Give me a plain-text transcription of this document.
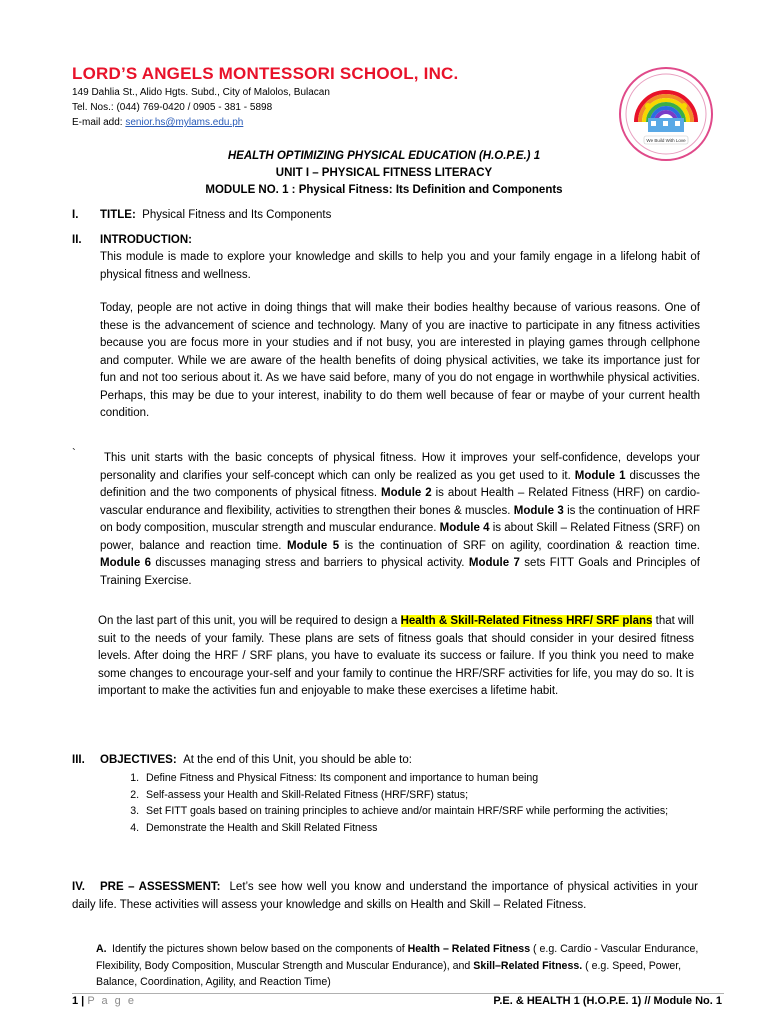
LORD’S ANGELS MONTESSORI SCHOOL, INC.

149 Dahlia St., Alido Hgts. Subd., City of Malolos, Bulacan

Tel. Nos.: (044) 769-0420 / 0905 - 381 - 5898

E-mail add: senior.hs@mylams.edu.ph

We Build With Love

HEALTH OPTIMIZING PHYSICAL EDUCATION (H.O.P.E.) 1

UNIT I – PHYSICAL FITNESS LITERACY

MODULE NO. 1 : Physical Fitness: Its Definition and Components

I. TITLE: Physical Fitness and Its Components

II. INTRODUCTION:

This module is made to explore your knowledge and skills to help you and your family engage in a lifelong habit of physical fitness and wellness.

Today, people are not active in doing things that will make their bodies healthy because of various reasons. One of these is the advancement of science and technology. Many of you are inactive to participate in any fitness activities because you are focus more in your studies and if not busy, you are interested in playing games through cellphone and computer. While we are aware of the health benefits of doing physical activities, we take its importance just for fun and not too serious about it. As we have said before, many of you do not engage in worthwhile physical activities. Perhaps, this may be due to your interest, inability to do them well because of fear or maybe of your current health condition.

`	This unit starts with the basic concepts of physical fitness. How it improves your self-confidence, develops your personality and clarifies your self-concept which can only be realized as you get used to it. Module 1 discusses the definition and the two components of physical fitness. Module 2 is about Health – Related Fitness (HRF) on cardio-vascular endurance and flexibility, activities to strengthen their bones & muscles. Module 3 is the continuation of HRF on body composition, muscular strength and muscular endurance. Module 4 is about Skill – Related Fitness (SRF) on power, balance and reaction time. Module 5 is the continuation of SRF on agility, coordination & reaction time. Module 6 discusses managing stress and barriers to physical activity. Module 7 sets FITT Goals and Principles of Training Exercise.

On the last part of this unit, you will be required to design a Health & Skill-Related Fitness HRF/ SRF plans that will suit to the needs of your family. These plans are sets of fitness goals that should consider in your desired fitness levels. After doing the HRF / SRF plans, you have to evaluate its success or failure. If you think you need to make some changes to encourage your-self and your family to continue the HRF/SRF activities for life, you may do so. It is important to make the activities fun and enjoyable to make these exercises a lifetime habit.

III. OBJECTIVES: At the end of this Unit, you should be able to:

1. Define Fitness and Physical Fitness: Its component and importance to human being
2. Self-assess your Health and Skill-Related Fitness (HRF/SRF) status;
3. Set FITT goals based on training principles to achieve and/or maintain HRF/SRF while performing the activities;
4. Demonstrate the Health and Skill Related Fitness

IV. PRE – ASSESSMENT: Let’s see how well you know and understand the importance of physical activities in your daily life. These activities will assess your knowledge and skills on Health and Skill – Related Fitness.

A. Identify the pictures shown below based on the components of Health – Related Fitness ( e.g. Cardio - Vascular Endurance, Flexibility, Body Composition, Muscular Strength and Muscular Endurance), and Skill–Related Fitness. ( e.g. Speed, Power, Balance, Coordination, Agility, and Reaction Time)

1 | P a g e	P.E. & HEALTH 1 (H.O.P.E. 1) // Module No. 1
